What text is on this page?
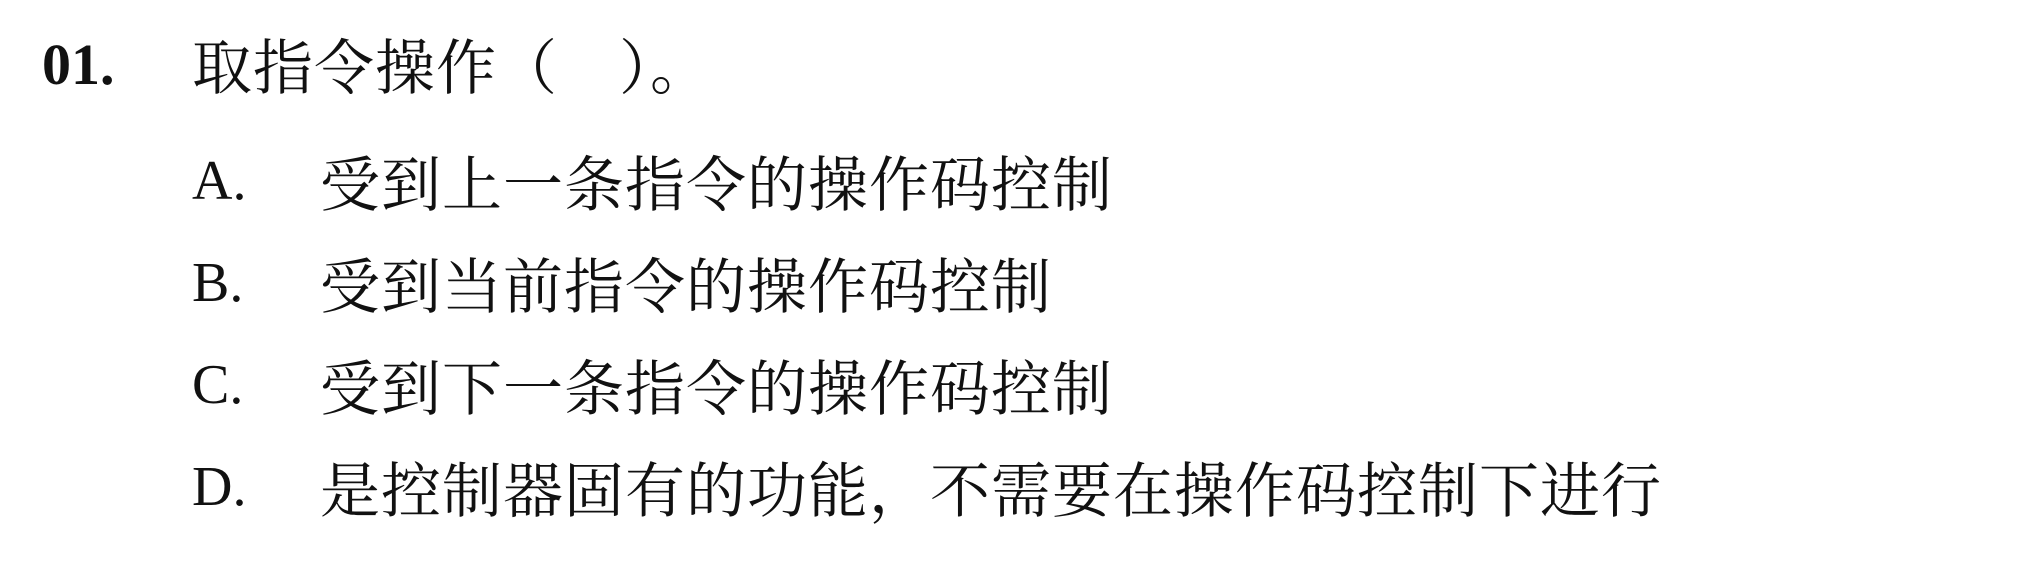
01.	取指令操作（　）。
A.	受到上一条指令的操作码控制
B.	受到当前指令的操作码控制
C.	受到下一条指令的操作码控制
D.	是控制器固有的功能，不需要在操作码控制下进行
